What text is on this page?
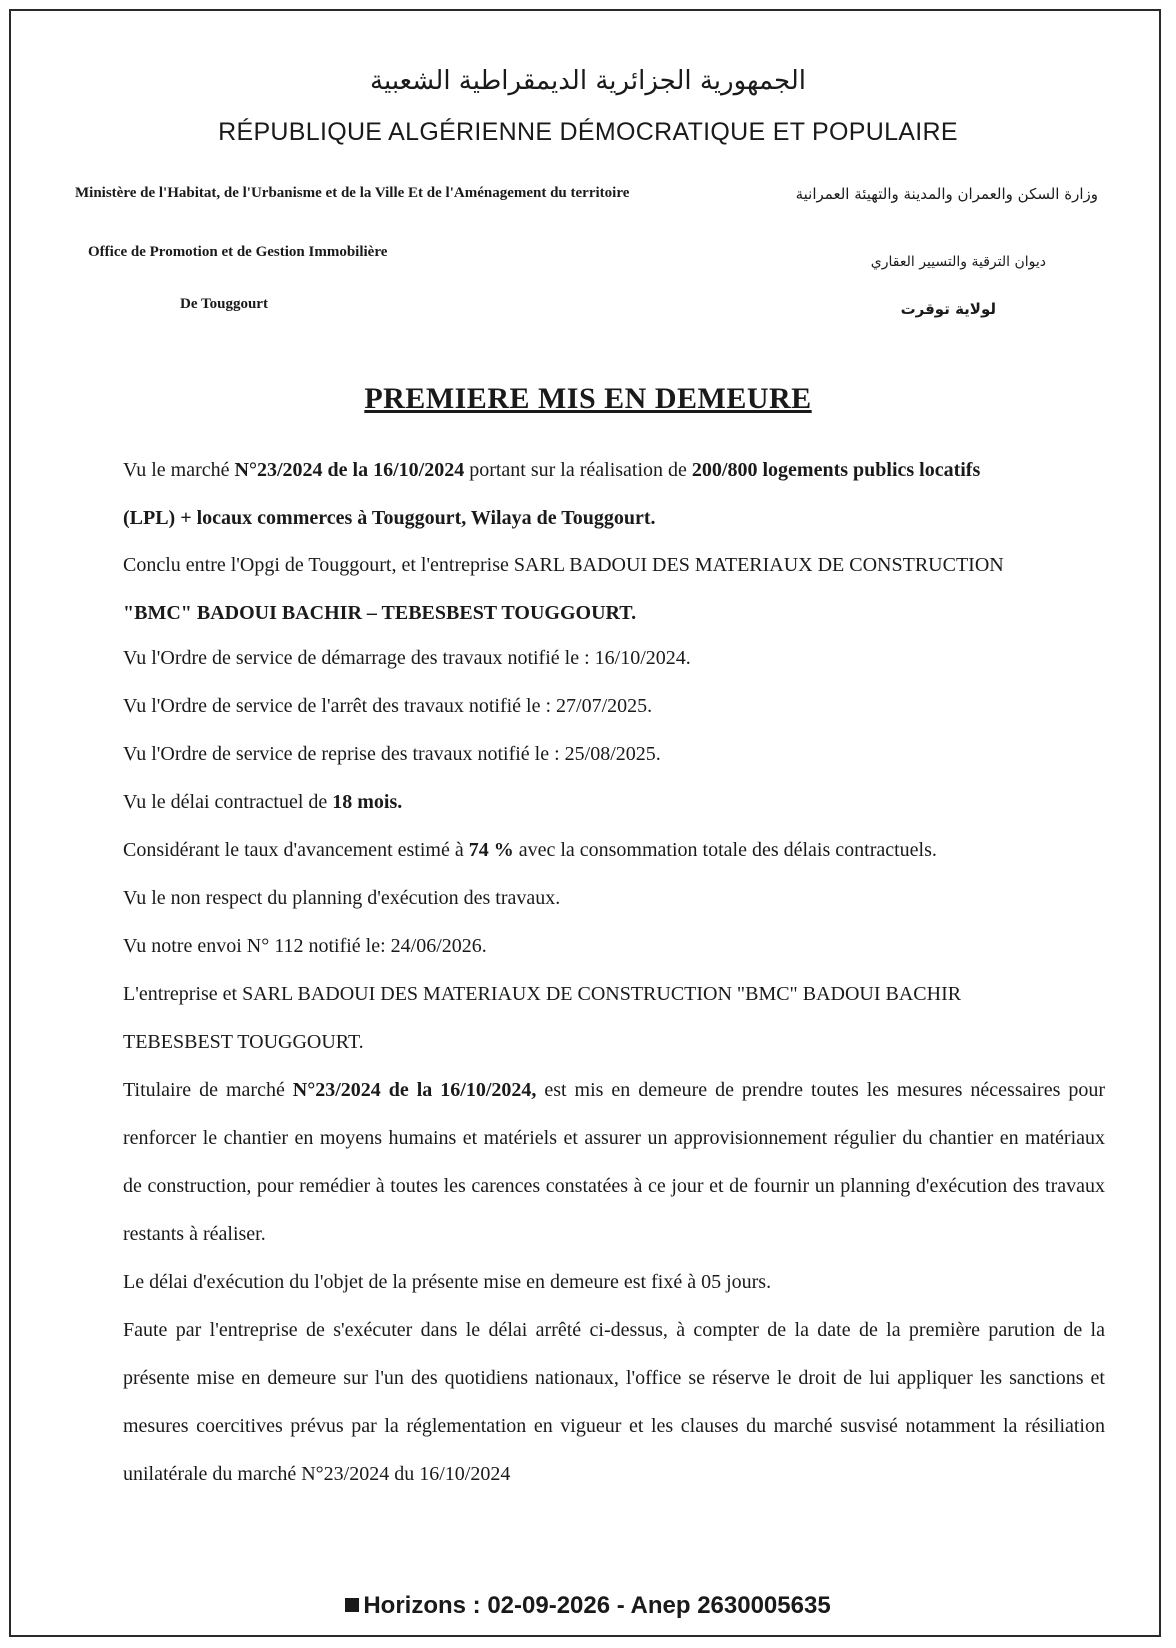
الجمهورية الجزائرية الديمقراطية الشعبية
RÉPUBLIQUE ALGÉRIENNE DÉMOCRATIQUE ET POPULAIRE
Ministère de l'Habitat, de l'Urbanisme et de la Ville Et de l'Aménagement du territoire	وزارة السكن والعمران والمدينة والتهيئة العمرانية
Office de Promotion et de Gestion Immobilière
ديوان الترقية والتسيير العقاري
De Touggourt	لولاية توقرت
PREMIERE MIS EN DEMEURE
Vu le marché N°23/2024 de la 16/10/2024 portant sur la réalisation de 200/800 logements publics locatifs
(LPL) + locaux commerces à Touggourt, Wilaya de Touggourt.
Conclu entre l'Opgi de Touggourt, et l'entreprise SARL BADOUI DES MATERIAUX DE CONSTRUCTION
"BMC" BADOUI BACHIR – TEBESBEST TOUGGOURT.
Vu l'Ordre de service de démarrage des travaux notifié le : 16/10/2024.
Vu l'Ordre de service de l'arrêt des travaux notifié le : 27/07/2025.
Vu l'Ordre de service de reprise des travaux notifié le : 25/08/2025.
Vu le délai contractuel de 18 mois.
Considérant le taux d'avancement estimé à 74 % avec la consommation totale des délais contractuels.
Vu le non respect du planning d'exécution des travaux.
Vu notre envoi N° 112 notifié le: 24/06/2026.
L'entreprise et SARL BADOUI DES MATERIAUX DE CONSTRUCTION "BMC" BADOUI BACHIR
TEBESBEST TOUGGOURT.
Titulaire de marché N°23/2024 de la 16/10/2024, est mis en demeure de prendre toutes les mesures nécessaires pour renforcer le chantier en moyens humains et matériels et assurer un approvisionnement régulier du chantier en matériaux de construction, pour remédier à toutes les carences constatées à ce jour et de fournir un planning d'exécution des travaux restants à réaliser.
Le délai d'exécution du l'objet de la présente mise en demeure est fixé à 05 jours.
Faute par l'entreprise de s'exécuter dans le délai arrêté ci-dessus, à compter de la date de la première parution de la présente mise en demeure sur l'un des quotidiens nationaux, l'office se réserve le droit de lui appliquer les sanctions et mesures coercitives prévus par la réglementation en vigueur et les clauses du marché susvisé notamment la résiliation unilatérale du marché N°23/2024 du 16/10/2024
Horizons : 02-09-2026 - Anep 2630005635
